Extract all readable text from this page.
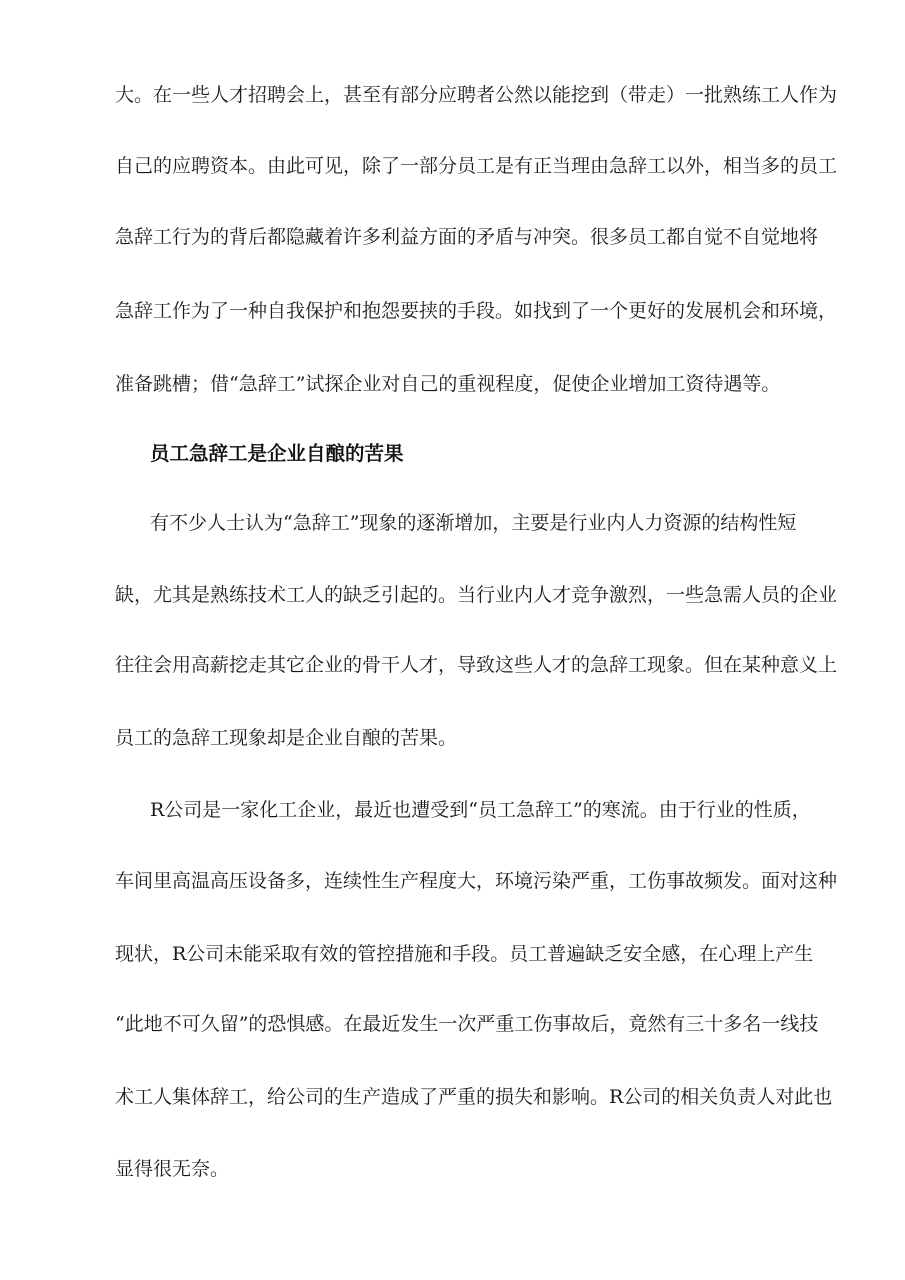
大。在一些人才招聘会上，甚至有部分应聘者公然以能挖到（带走）一批熟练工人作为
自己的应聘资本。由此可见，除了一部分员工是有正当理由急辞工以外，相当多的员工
急辞工行为的背后都隐藏着许多利益方面的矛盾与冲突。很多员工都自觉不自觉地将
急辞工作为了一种自我保护和抱怨要挟的手段。如找到了一个更好的发展机会和环境，
准备跳槽；借“急辞工”试探企业对自己的重视程度，促使企业增加工资待遇等。
员工急辞工是企业自酿的苦果
有不少人士认为“急辞工”现象的逐渐增加，主要是行业内人力资源的结构性短
缺，尤其是熟练技术工人的缺乏引起的。当行业内人才竞争激烈，一些急需人员的企业
往往会用高薪挖走其它企业的骨干人才，导致这些人才的急辞工现象。但在某种意义上
员工的急辞工现象却是企业自酿的苦果。
R公司是一家化工企业，最近也遭受到“员工急辞工”的寒流。由于行业的性质，
车间里高温高压设备多，连续性生产程度大，环境污染严重，工伤事故频发。面对这种
现状，R公司未能采取有效的管控措施和手段。员工普遍缺乏安全感，在心理上产生
“此地不可久留”的恐惧感。在最近发生一次严重工伤事故后，竟然有三十多名一线技
术工人集体辞工，给公司的生产造成了严重的损失和影响。R公司的相关负责人对此也
显得很无奈。
